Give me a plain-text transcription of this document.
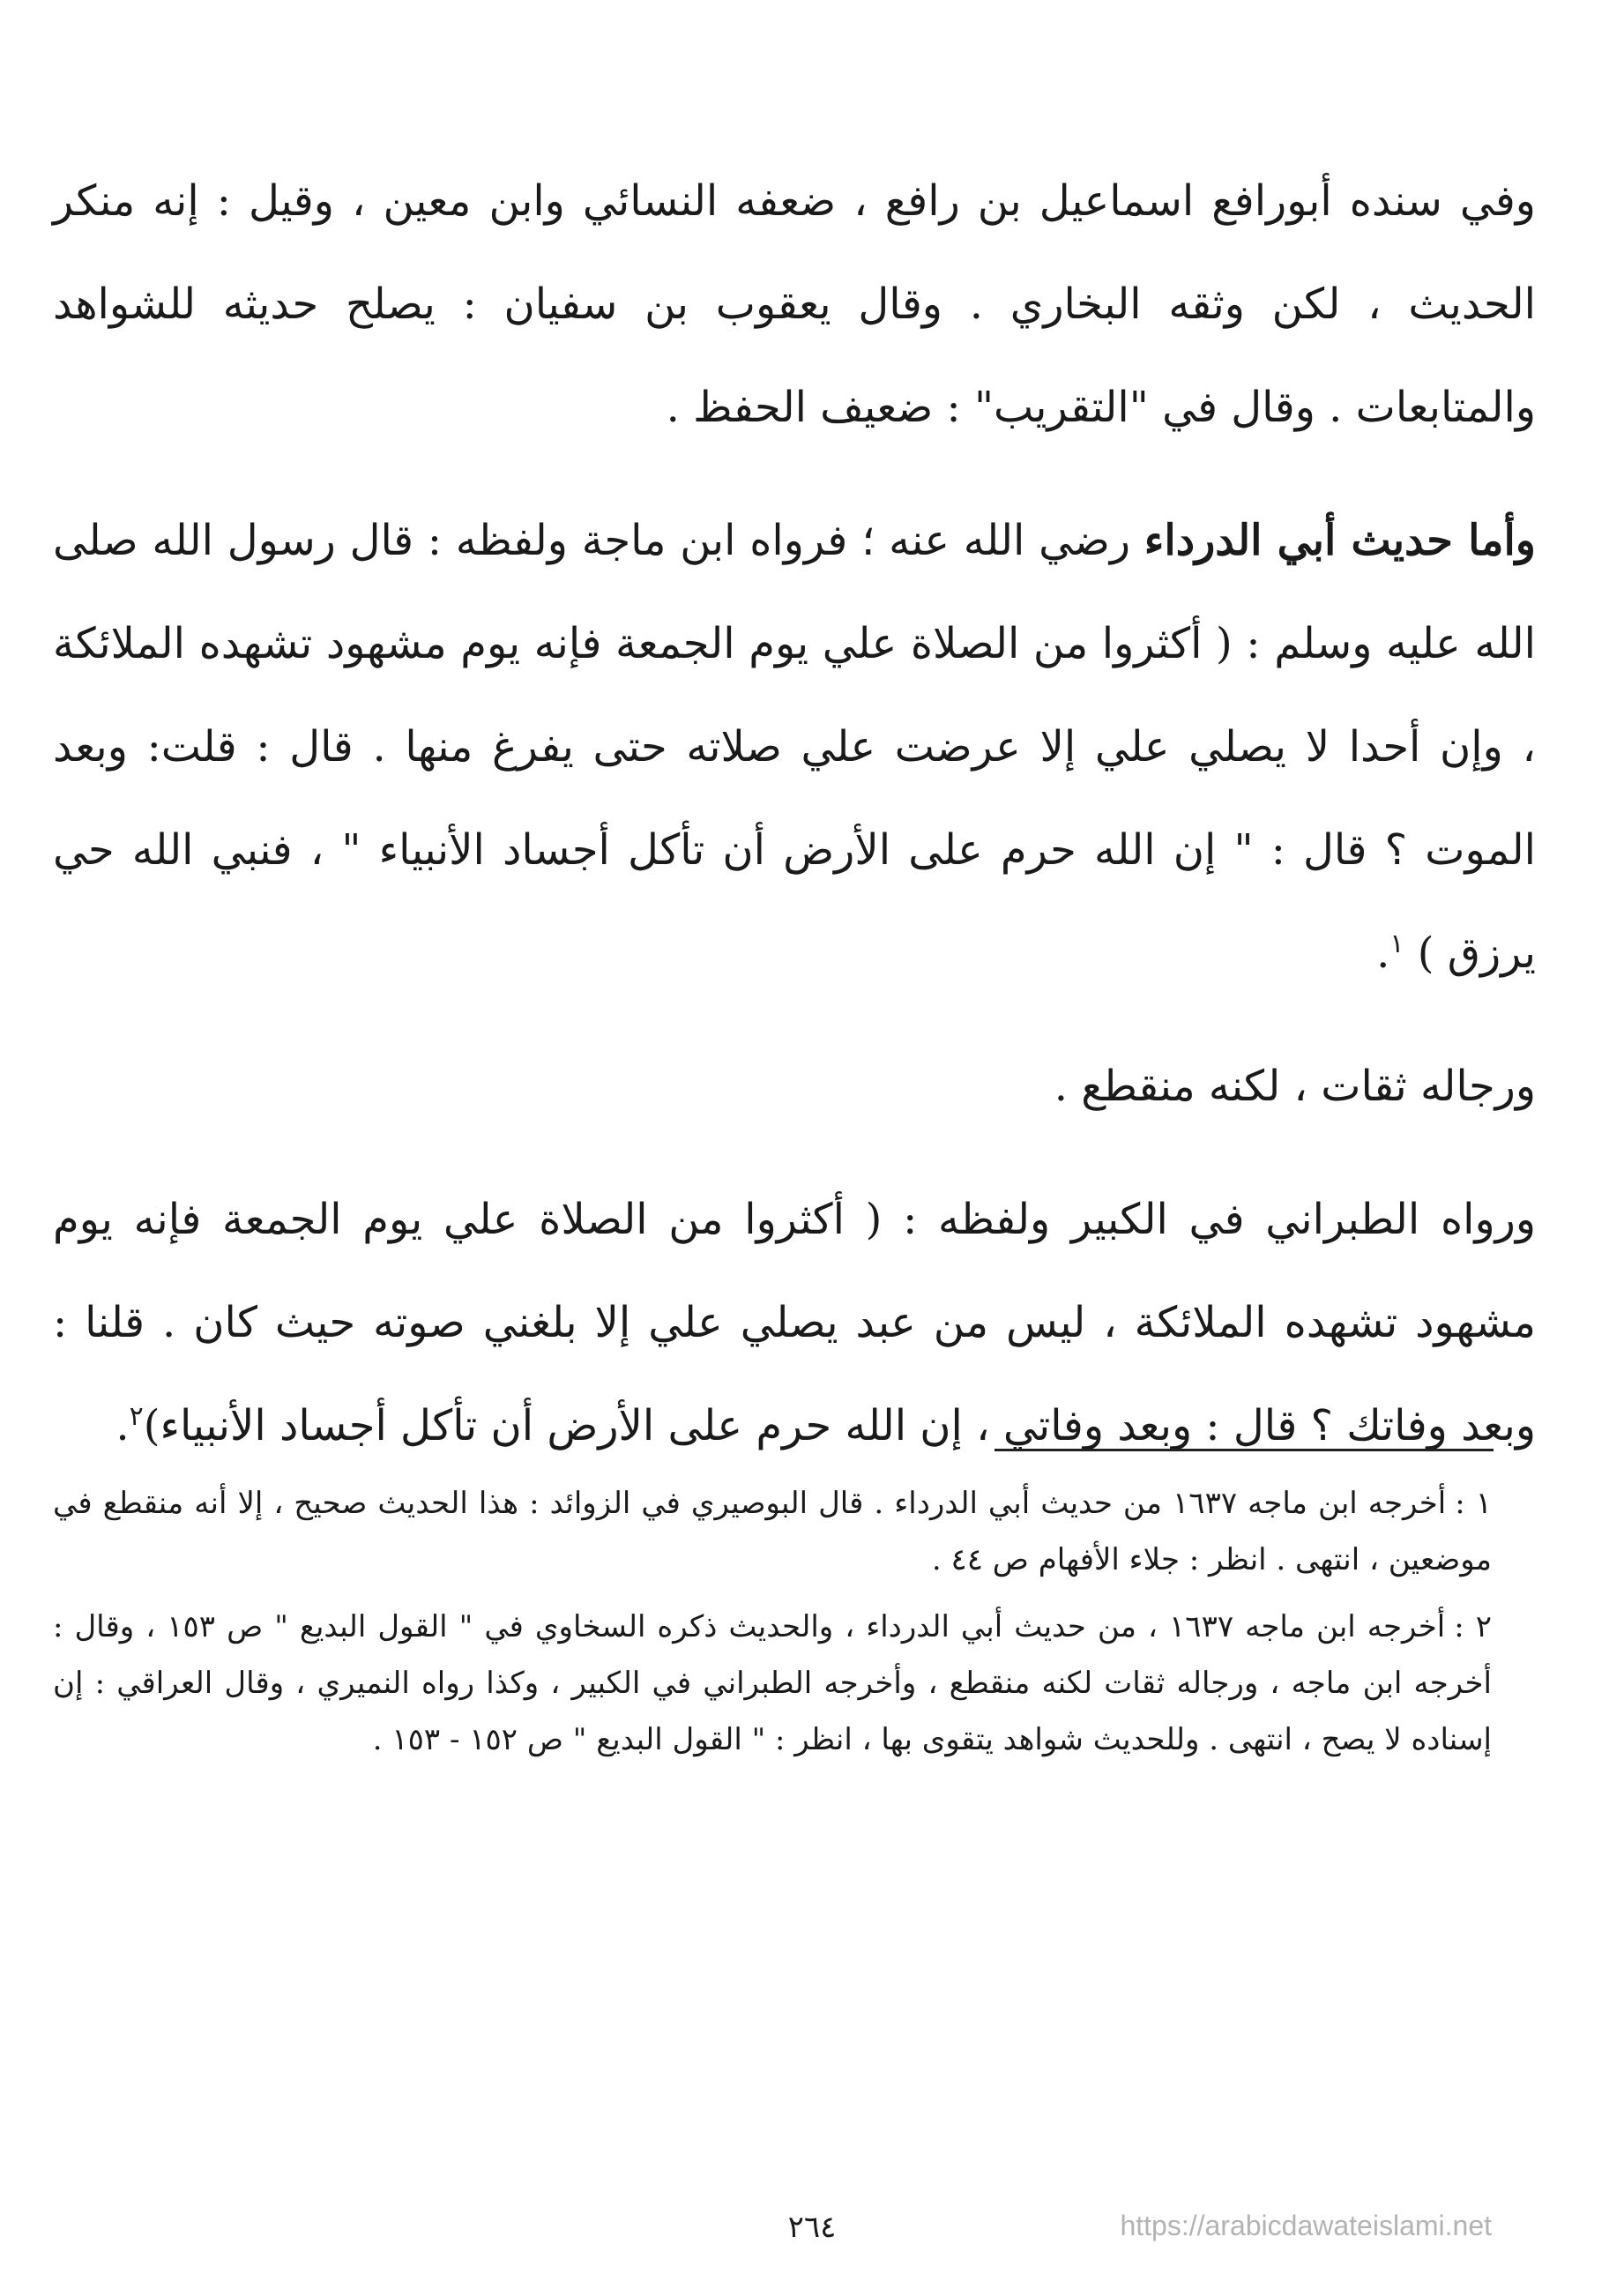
وفي سنده أبورافع اسماعيل بن رافع ، ضعفه النسائي وابن معين ، وقيل : إنه منكر الحديث ، لكن وثقه البخاري . وقال يعقوب بن سفيان : يصلح حديثه للشواهد والمتابعات . وقال في "التقريب" : ضعيف الحفظ .

وأما حديث أبي الدرداء رضي الله عنه ؛ فرواه ابن ماجة ولفظه : قال رسول الله صلى الله عليه وسلم : ( أكثروا من الصلاة علي يوم الجمعة فإنه يوم مشهود تشهده الملائكة ، وإن أحدا لا يصلي علي إلا عرضت علي صلاته حتى يفرغ منها . قال : قلت: وبعد الموت ؟ قال : " إن الله حرم على الأرض أن تأكل أجساد الأنبياء " ، فنبي الله حي يرزق ) $^١$.

ورجاله ثقات ، لكنه منقطع .

ورواه الطبراني في الكبير ولفظه : ( أكثروا من الصلاة علي يوم الجمعة فإنه يوم مشهود تشهده الملائكة ، ليس من عبد يصلي علي إلا بلغني صوته حيث كان . قلنا : وبعد وفاتك ؟ قال : وبعد وفاتي ، إن الله حرم على الأرض أن تأكل أجساد الأنبياء)$^٢$.

١ :أخرجه ابن ماجه ١٦٣٧ من حديث أبي الدرداء . قال البوصيري في الزوائد : هذا الحديث صحيح ، إلا أنه منقطع في موضعين ، انتهى . انظر : جلاء الأفهام ص ٤٤ .

٢ :أخرجه ابن ماجه ١٦٣٧ ، من حديث أبي الدرداء ، والحديث ذكره السخاوي في " القول البديع " ص ١٥٣ ، وقال : أخرجه ابن ماجه ، ورجاله ثقات لكنه منقطع ، وأخرجه الطبراني في الكبير ، وكذا رواه النميري ، وقال العراقي : إن إسناده لا يصح ، انتهى . وللحديث شواهد يتقوى بها ، انظر : " القول البديع " ص ١٥٢ - ١٥٣ .

٢٦٤	https://arabicdawateislami.net
